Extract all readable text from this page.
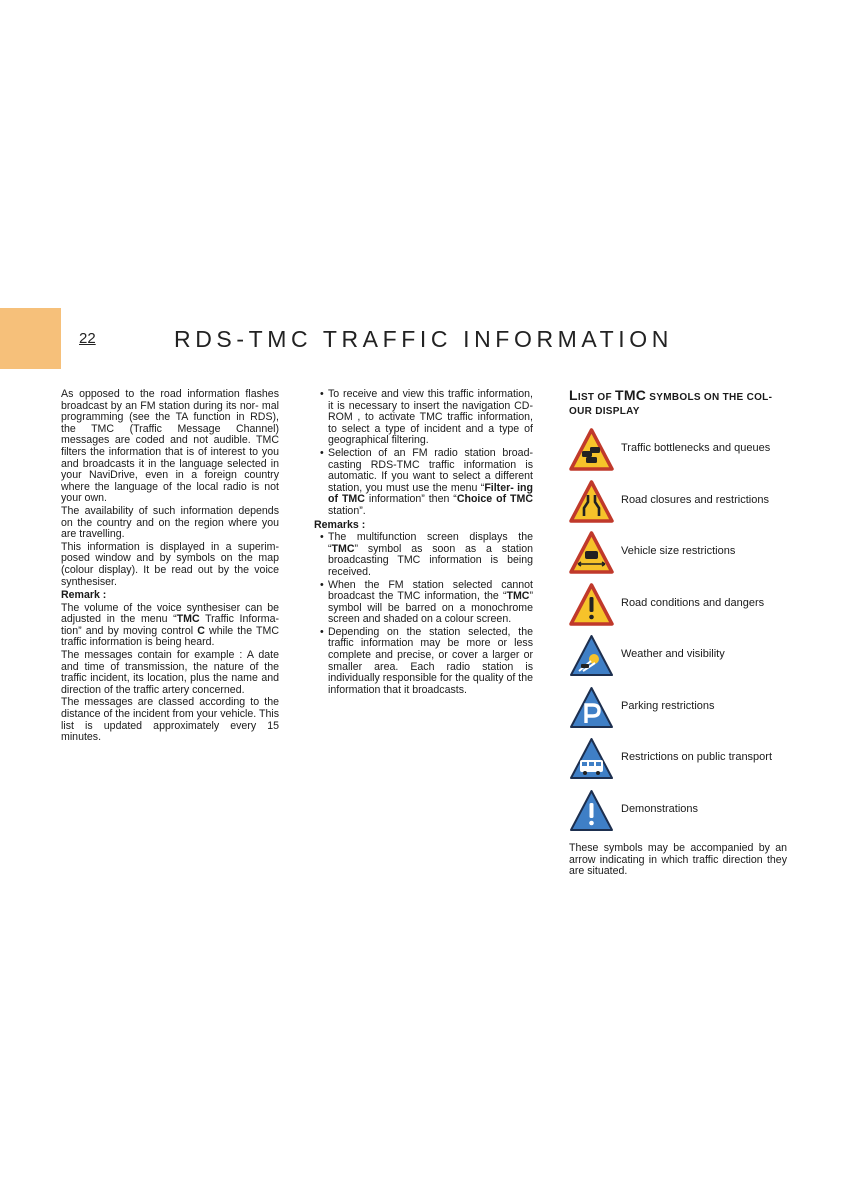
22	RDS-TMC TRAFFIC INFORMATION

As opposed to the road information flashes broadcast by an FM station during its nor- mal programming (see the TA function in RDS), the TMC (Traffic Message Channel) messages are coded and not audible. TMC filters the information that is of interest to you and broadcasts it in the language selected in your NaviDrive, even in a foreign country where the language of the local radio is not your own.

The availability of such information depends on the country and on the region where you are travelling.

This information is displayed in a superim- posed window and by symbols on the map (colour display). It be read out by the voice synthesiser.

Remark :

The volume of the voice synthesiser can be adjusted in the menu “TMC Traffic Informa- tion” and by moving control C while the TMC traffic information is being heard.

The messages contain for example : A date and time of transmission, the nature of the traffic incident, its location, plus the name and direction of the traffic artery concerned.

The messages are classed according to the distance of the incident from your vehicle. This list is updated approximately every 15 minutes.

• To receive and view this traffic information, it is necessary to insert the navigation CD- ROM , to activate TMC traffic information, to select a type of incident and a type of geographical filtering.
• Selection of an FM radio station broad- casting RDS-TMC traffic information is automatic. If you want to select a different station, you must use the menu “Filter- ing of TMC information” then “Choice of TMC station”.

Remarks :

• The multifunction screen displays the “TMC” symbol as soon as a station broadcasting TMC information is being received.
• When the FM station selected cannot broadcast the TMC information, the “TMC” symbol will be barred on a monochrome screen and shaded on a colour screen.
• Depending on the station selected, the traffic information may be more or less complete and precise, or cover a larger or smaller area. Each radio station is individually responsible for the quality of the information that it broadcasts.
LIST OF TMC SYMBOLS ON THE COL- OUR DISPLAY
Traffic bottlenecks and queues
Road closures and restrictions
Vehicle size restrictions
Road conditions and dangers
Weather and visibility
Parking restrictions
Restrictions on public transport
Demonstrations

These symbols may be accompanied by an arrow indicating in which traffic direction they are situated.
